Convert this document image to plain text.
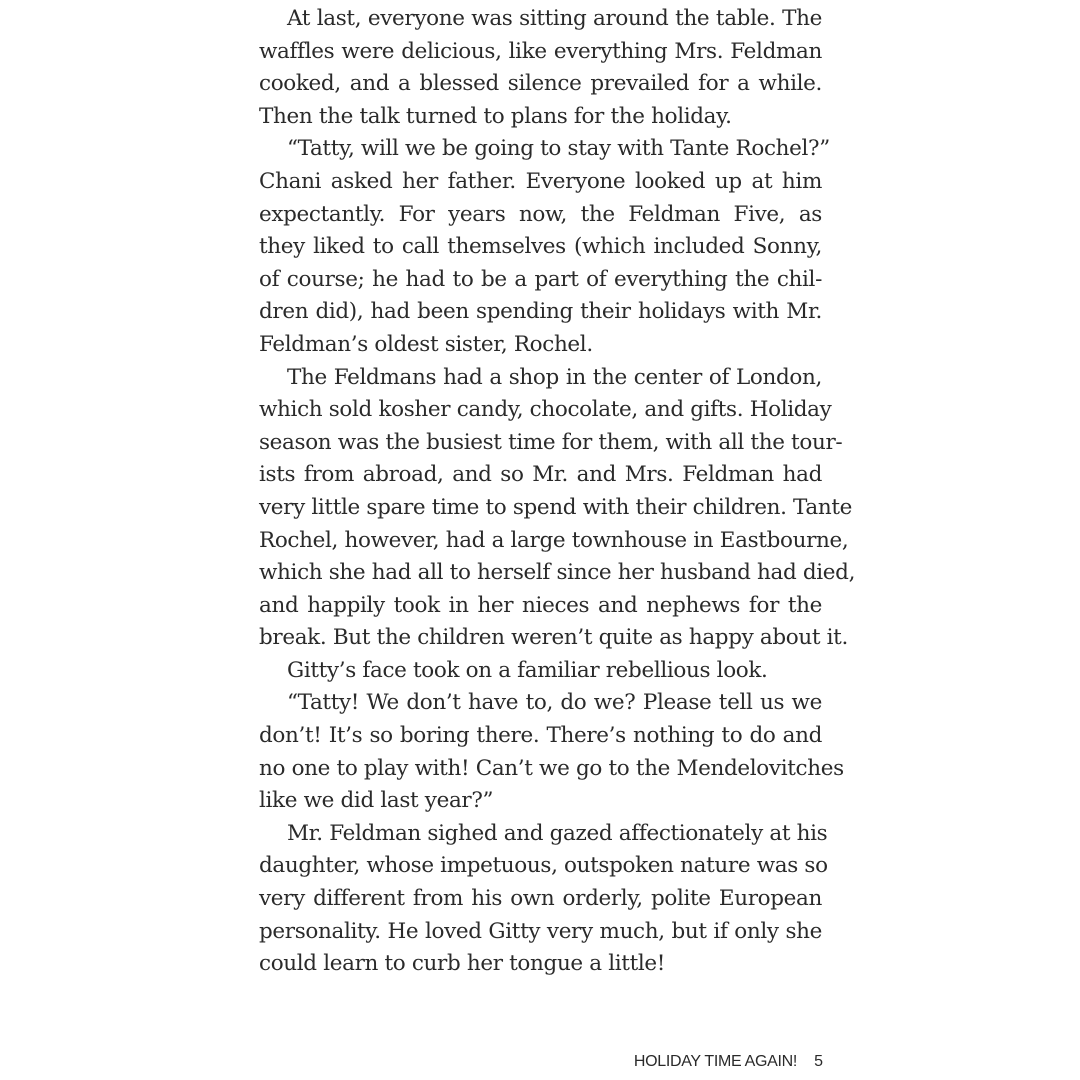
At last, everyone was sitting around the table. The
waffles were delicious, like everything Mrs. Feldman
cooked, and a blessed silence prevailed for a while.
Then the talk turned to plans for the holiday.
“Tatty, will we be going to stay with Tante Rochel?”
Chani asked her father. Everyone looked up at him
expectantly. For years now, the Feldman Five, as
they liked to call themselves (which included Sonny,
of course; he had to be a part of everything the chil-
dren did), had been spending their holidays with Mr.
Feldman’s oldest sister, Rochel.
The Feldmans had a shop in the center of London,
which sold kosher candy, chocolate, and gifts. Holiday
season was the busiest time for them, with all the tour-
ists from abroad, and so Mr. and Mrs. Feldman had
very little spare time to spend with their children. Tante
Rochel, however, had a large townhouse in Eastbourne,
which she had all to herself since her husband had died,
and happily took in her nieces and nephews for the
break. But the children weren’t quite as happy about it.
Gitty’s face took on a familiar rebellious look.
“Tatty! We don’t have to, do we? Please tell us we
don’t! It’s so boring there. There’s nothing to do and
no one to play with! Can’t we go to the Mendelovitches
like we did last year?”
Mr. Feldman sighed and gazed affectionately at his
daughter, whose impetuous, outspoken nature was so
very different from his own orderly, polite European
personality. He loved Gitty very much, but if only she
could learn to curb her tongue a little!
HOLIDAY TIME AGAIN! 5
